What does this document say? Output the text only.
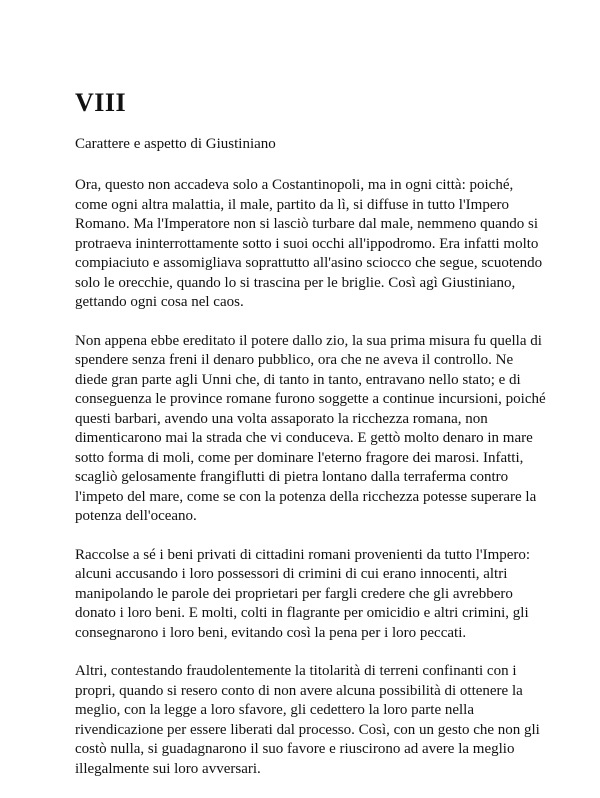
VIII

Carattere e aspetto di Giustiniano

Ora, questo non accadeva solo a Costantinopoli, ma in ogni città: poiché, come ogni altra malattia, il male, partito da lì, si diffuse in tutto l'Impero Romano. Ma l'Imperatore non si lasciò turbare dal male, nemmeno quando si protraeva ininterrottamente sotto i suoi occhi all'ippodromo. Era infatti molto compiaciuto e assomigliava soprattutto all'asino sciocco che segue, scuotendo solo le orecchie, quando lo si trascina per le briglie. Così agì Giustiniano, gettando ogni cosa nel caos.

Non appena ebbe ereditato il potere dallo zio, la sua prima misura fu quella di spendere senza freni il denaro pubblico, ora che ne aveva il controllo. Ne diede gran parte agli Unni che, di tanto in tanto, entravano nello stato; e di conseguenza le province romane furono soggette a continue incursioni, poiché questi barbari, avendo una volta assaporato la ricchezza romana, non dimenticarono mai la strada che vi conduceva. E gettò molto denaro in mare sotto forma di moli, come per dominare l'eterno fragore dei marosi. Infatti, scagliò gelosamente frangiflutti di pietra lontano dalla terraferma contro l'impeto del mare, come se con la potenza della ricchezza potesse superare la potenza dell'oceano.

Raccolse a sé i beni privati di cittadini romani provenienti da tutto l'Impero: alcuni accusando i loro possessori di crimini di cui erano innocenti, altri manipolando le parole dei proprietari per fargli credere che gli avrebbero donato i loro beni. E molti, colti in flagrante per omicidio e altri crimini, gli consegnarono i loro beni, evitando così la pena per i loro peccati.

Altri, contestando fraudolentemente la titolarità di terreni confinanti con i propri, quando si resero conto di non avere alcuna possibilità di ottenere la meglio, con la legge a loro sfavore, gli cedettero la loro parte nella rivendicazione per essere liberati dal processo. Così, con un gesto che non gli costò nulla, si guadagnarono il suo favore e riuscirono ad avere la meglio illegalmente sui loro avversari.
